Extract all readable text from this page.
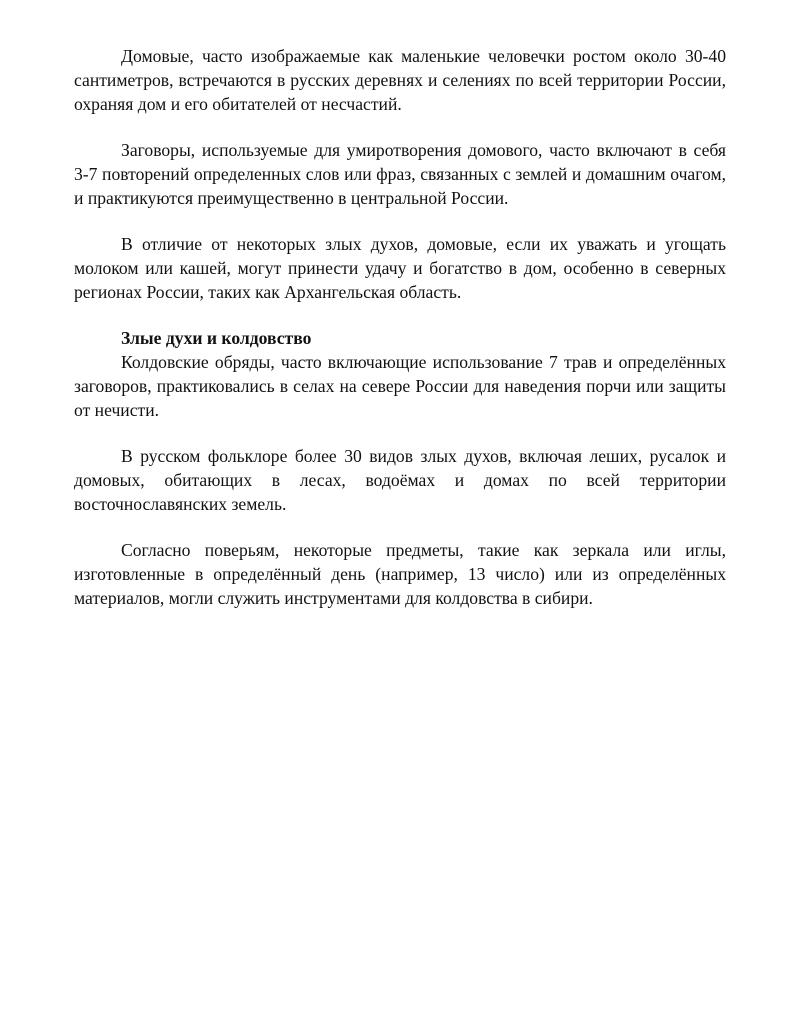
Домовые, часто изображаемые как маленькие человечки ростом около 30-40 сантиметров, встречаются в русских деревнях и селениях по всей территории России, охраняя дом и его обитателей от несчастий.

Заговоры, используемые для умиротворения домового, часто включают в себя 3-7 повторений определенных слов или фраз, связанных с землей и домашним очагом, и практикуются преимущественно в центральной России.

В отличие от некоторых злых духов, домовые, если их уважать и угощать молоком или кашей, могут принести удачу и богатство в дом, особенно в северных регионах России, таких как Архангельская область.

Злые духи и колдовство

Колдовские обряды, часто включающие использование 7 трав и определённых заговоров, практиковались в селах на севере России для наведения порчи или защиты от нечисти.

В русском фольклоре более 30 видов злых духов, включая леших, русалок и домовых, обитающих в лесах, водоёмах и домах по всей территории восточнославянских земель.

Согласно поверьям, некоторые предметы, такие как зеркала или иглы, изготовленные в определённый день (например, 13 число) или из определённых материалов, могли служить инструментами для колдовства в сибири.
